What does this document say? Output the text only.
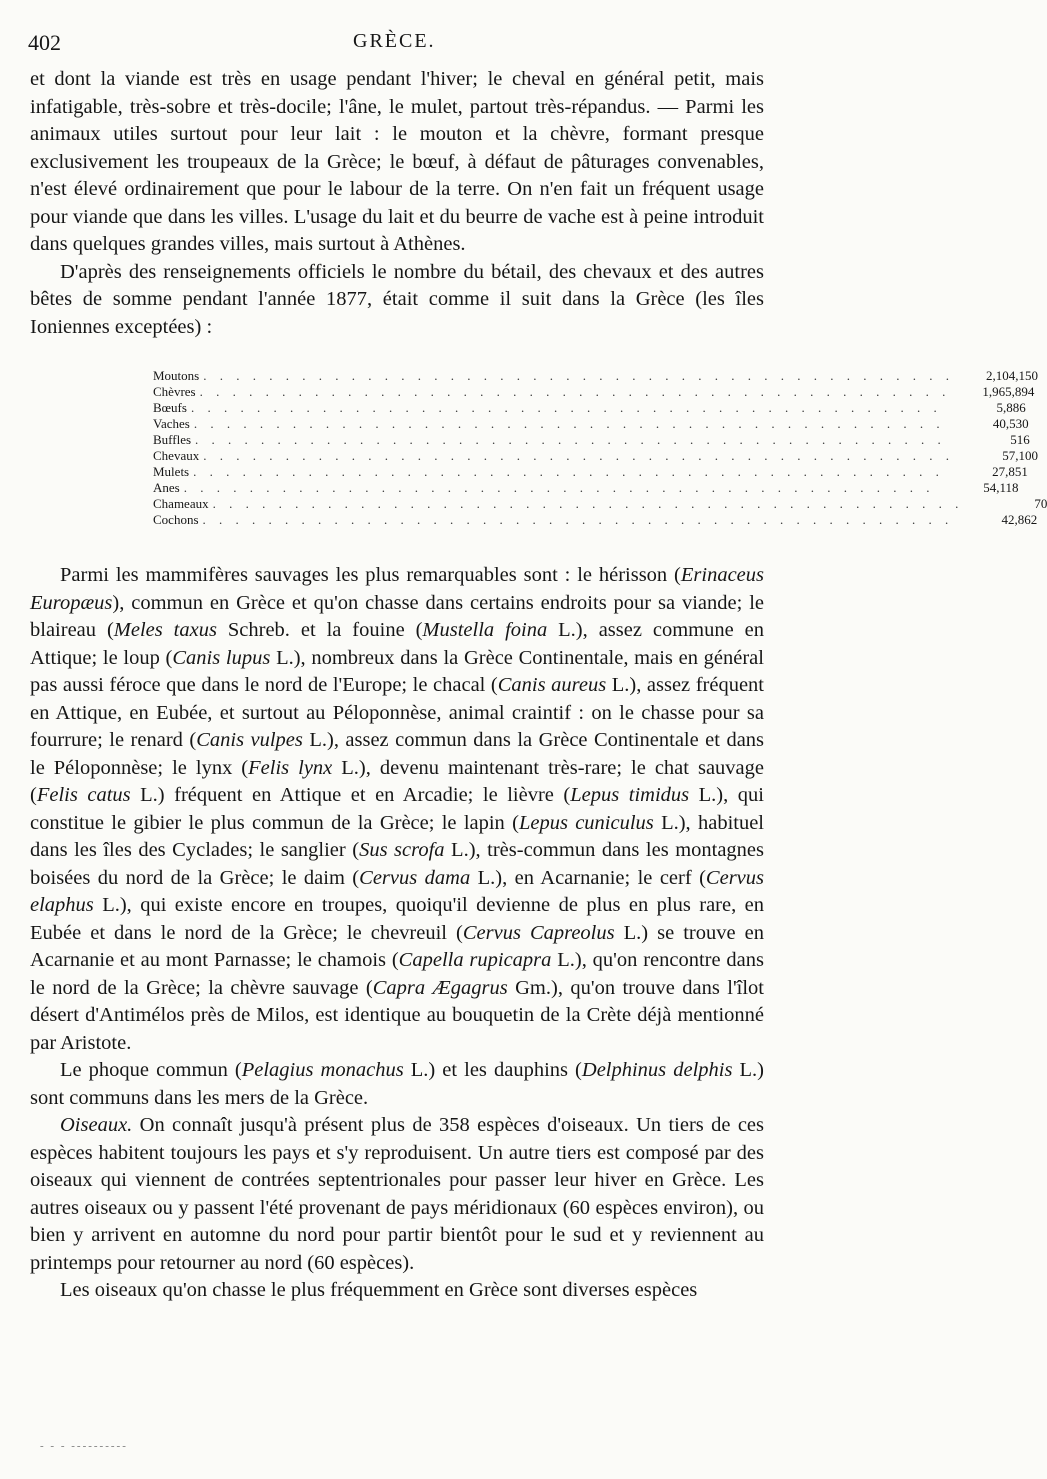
402	GRÈCE.

et dont la viande est très en usage pendant l'hiver; le cheval en général petit, mais infatigable, très-sobre et très-docile; l'âne, le mulet, partout très-répandus. — Parmi les animaux utiles surtout pour leur lait : le mouton et la chèvre, formant presque exclusivement les troupeaux de la Grèce; le bœuf, à défaut de pâturages convenables, n'est élevé ordinairement que pour le labour de la terre. On n'en fait un fréquent usage pour viande que dans les villes. L'usage du lait et du beurre de vache est à peine introduit dans quelques grandes villes, mais surtout à Athènes.

D'après des renseignements officiels le nombre du bétail, des chevaux et des autres bêtes de somme pendant l'année 1877, était comme il suit dans la Grèce (les îles Ioniennes exceptées) :

Moutons . . . . . . . . . . . . . . . . . . . . . . . . . . . . . . . . . . . . . . . . . . . . . .	2,104,150
Chèvres . . . . . . . . . . . . . . . . . . . . . . . . . . . . . . . . . . . . . . . . . . . . . .	1,965,894
Bœufs . . . . . . . . . . . . . . . . . . . . . . . . . . . . . . . . . . . . . . . . . . . . . .	5,886
Vaches . . . . . . . . . . . . . . . . . . . . . . . . . . . . . . . . . . . . . . . . . . . . . .	40,530
Buffles . . . . . . . . . . . . . . . . . . . . . . . . . . . . . . . . . . . . . . . . . . . . . .	516
Chevaux . . . . . . . . . . . . . . . . . . . . . . . . . . . . . . . . . . . . . . . . . . . . . .	57,100
Mulets . . . . . . . . . . . . . . . . . . . . . . . . . . . . . . . . . . . . . . . . . . . . . .	27,851
Anes . . . . . . . . . . . . . . . . . . . . . . . . . . . . . . . . . . . . . . . . . . . . . .	54,118
Chameaux . . . . . . . . . . . . . . . . . . . . . . . . . . . . . . . . . . . . . . . . . . . . . .	70
Cochons . . . . . . . . . . . . . . . . . . . . . . . . . . . . . . . . . . . . . . . . . . . . . .	42,862

Parmi les mammifères sauvages les plus remarquables sont : le hérisson (Erinaceus Europæus), commun en Grèce et qu'on chasse dans certains endroits pour sa viande; le blaireau (Meles taxus Schreb. et la fouine (Mustella foina L.), assez commune en Attique; le loup (Canis lupus L.), nombreux dans la Grèce Continentale, mais en général pas aussi féroce que dans le nord de l'Europe; le chacal (Canis aureus L.), assez fréquent en Attique, en Eubée, et surtout au Péloponnèse, animal craintif : on le chasse pour sa fourrure; le renard (Canis vulpes L.), assez commun dans la Grèce Continentale et dans le Péloponnèse; le lynx (Felis lynx L.), devenu maintenant très-rare; le chat sauvage (Felis catus L.) fréquent en Attique et en Arcadie; le lièvre (Lepus timidus L.), qui constitue le gibier le plus commun de la Grèce; le lapin (Lepus cuniculus L.), habituel dans les îles des Cyclades; le sanglier (Sus scrofa L.), très-commun dans les montagnes boisées du nord de la Grèce; le daim (Cervus dama L.), en Acarnanie; le cerf (Cervus elaphus L.), qui existe encore en troupes, quoiqu'il devienne de plus en plus rare, en Eubée et dans le nord de la Grèce; le chevreuil (Cervus Capreolus L.) se trouve en Acarnanie et au mont Parnasse; le chamois (Capella rupicapra L.), qu'on rencontre dans le nord de la Grèce; la chèvre sauvage (Capra Ægagrus Gm.), qu'on trouve dans l'îlot désert d'Antimélos près de Milos, est identique au bouquetin de la Crète déjà mentionné par Aristote.

Le phoque commun (Pelagius monachus L.) et les dauphins (Delphinus delphis L.) sont communs dans les mers de la Grèce.

Oiseaux. On connaît jusqu'à présent plus de 358 espèces d'oiseaux. Un tiers de ces espèces habitent toujours les pays et s'y reproduisent. Un autre tiers est composé par des oiseaux qui viennent de contrées septentrionales pour passer leur hiver en Grèce. Les autres oiseaux ou y passent l'été provenant de pays méridionaux (60 espèces environ), ou bien y arrivent en automne du nord pour partir bientôt pour le sud et y reviennent au printemps pour retourner au nord (60 espèces).

Les oiseaux qu'on chasse le plus fréquemment en Grèce sont diverses espèces

- - - ----------
